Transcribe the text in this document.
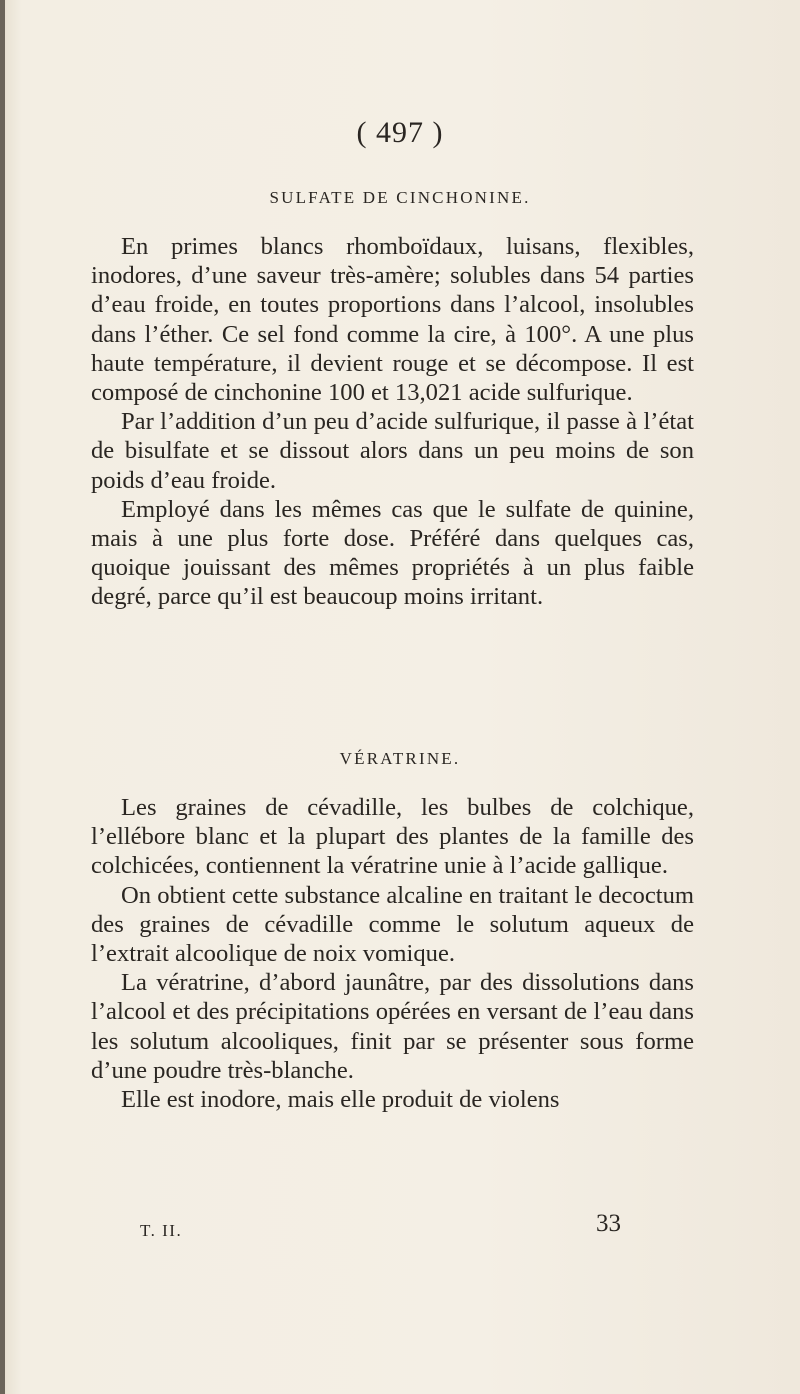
( 497 )
SULFATE DE CINCHONINE.

En primes blancs rhomboïdaux, luisans, flexibles, inodores, d’une saveur très-amère; solubles dans 54 parties d’eau froide, en toutes proportions dans l’alcool, insolubles dans l’éther. Ce sel fond comme la cire, à 100°. A une plus haute température, il devient rouge et se décompose. Il est composé de cinchonine 100 et 13,021 acide sulfurique.

Par l’addition d’un peu d’acide sulfurique, il passe à l’état de bisulfate et se dissout alors dans un peu moins de son poids d’eau froide.

Employé dans les mêmes cas que le sulfate de quinine, mais à une plus forte dose. Préféré dans quelques cas, quoique jouissant des mêmes propriétés à un plus faible degré, parce qu’il est beaucoup moins irritant.

VÉRATRINE.

Les graines de cévadille, les bulbes de colchique, l’ellébore blanc et la plupart des plantes de la famille des colchicées, contiennent la vératrine unie à l’acide gallique.

On obtient cette substance alcaline en traitant le decoctum des graines de cévadille comme le solutum aqueux de l’extrait alcoolique de noix vomique.

La vératrine, d’abord jaunâtre, par des dissolutions dans l’alcool et des précipitations opérées en versant de l’eau dans les solutum alcooliques, finit par se présenter sous forme d’une poudre très-blanche.

Elle est inodore, mais elle produit de violens

T. II.	33
